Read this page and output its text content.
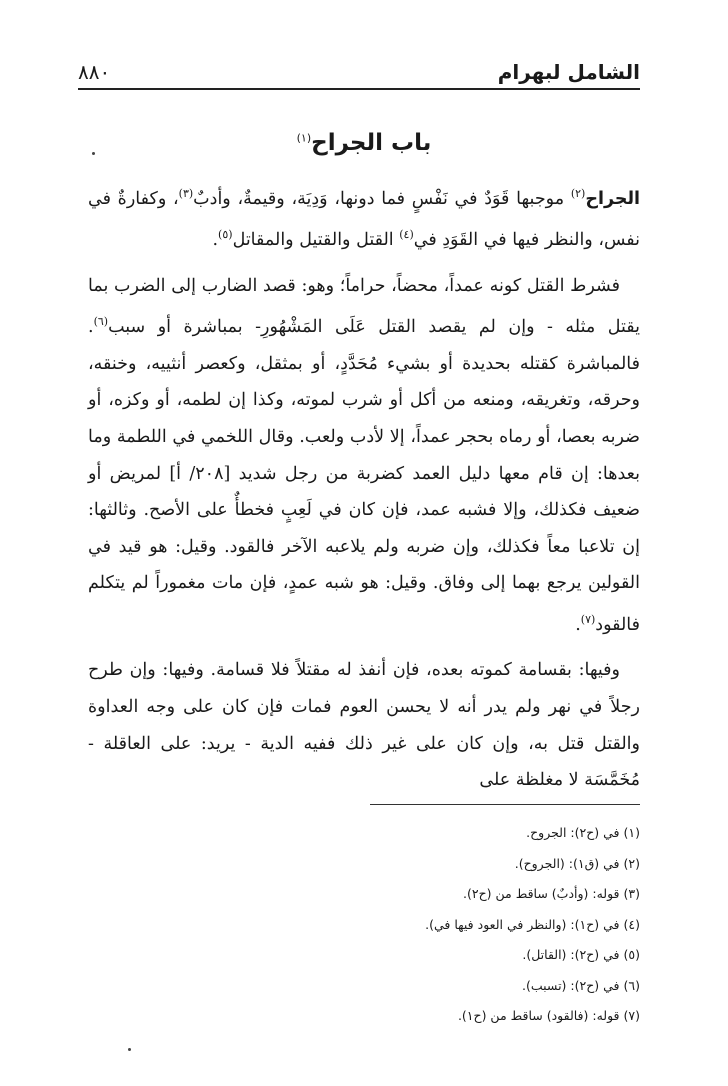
الشامل لبهرام
٨٨٠
باب الجراح$^{(١)}$

الجراح$^{(٢)}$ موجبها قَوَدٌ في نَفْسٍ فما دونها، وَدِيَة، وقيمةٌ، وأدبٌ$^{(٣)}$، وكفارةٌ في نفس، والنظر فيها في القَوَدِ في$^{(٤)}$ القتل والقتيل والمقاتل$^{(٥)}$.

فشرط القتل كونه عمداً، محضاً، حراماً؛ وهو: قصد الضارب إلى الضرب بما يقتل مثله - وإن لم يقصد القتل عَلَى المَشْهُورِ- بمباشرة أو سبب$^{(٦)}$. فالمباشرة كقتله بحديدة أو بشيء مُحَدَّدٍ، أو بمثقل، وكعصر أنثييه، وخنقه، وحرقه، وتغريقه، ومنعه من أكل أو شرب لموته، وكذا إن لطمه، أو وكزه، أو ضربه بعصا، أو رماه بحجر عمداً، إلا لأدب ولعب. وقال اللخمي في اللطمة وما بعدها: إن قام معها دليل العمد كضربة من رجل شديد [٢٠٨/ أ] لمريض أو ضعيف فكذلك، وإلا فشبه عمد، فإن كان في لَعِبٍ فخطأٌ على الأصح. وثالثها: إن تلاعبا معاً فكذلك، وإن ضربه ولم يلاعبه الآخر فالقود. وقيل: هو قيد في القولين يرجع بهما إلى وفاق. وقيل: هو شبه عمدٍ، فإن مات مغموراً لم يتكلم فالقود$^{(٧)}$.

وفيها: بقسامة كموته بعده، فإن أنفذ له مقتلاً فلا قسامة. وفيها: وإن طرح رجلاً في نهر ولم يدر أنه لا يحسن العوم فمات فإن كان على وجه العداوة والقتل قتل به، وإن كان على غير ذلك ففيه الدية - يريد: على العاقلة - مُخَمَّسَة لا مغلظة على

(١) في (ح٢): الجروح.
(٢) في (ق١): (الجروح).
(٣) قوله: (وأدبٌ) ساقط من (ح٢).
(٤) في (ح١): (والنظر في العود فيها في).
(٥) في (ح٢): (القاتل).
(٦) في (ح٢): (تسبب).
(٧) قوله: (فالقود) ساقط من (ح١).
